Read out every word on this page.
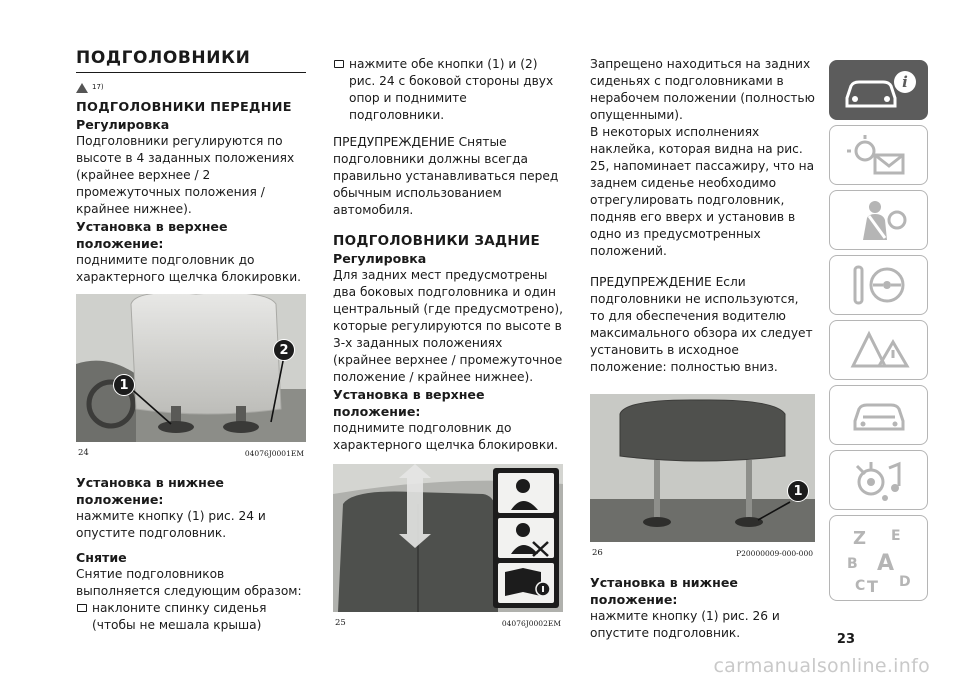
ПОДГОЛОВНИКИ
17)

ПОДГОЛОВНИКИ ПЕРЕДНИЕ

Регулировка

Подголовники регулируются по высоте в 4 заданных положениях (крайнее верхнее / 2 промежуточных положения / крайнее нижнее).

Установка в верхнее положение:

поднимите подголовник до характерного щелчка блокировки.

1
2
24	04076J0001EM

Установка в нижнее положение:

нажмите кнопку (1) рис. 24 и опустите подголовник.

Снятие

Снятие подголовников выполняется следующим образом:

наклоните спинку сиденья (чтобы не мешала крыша)

нажмите обе кнопки (1) и (2) рис. 24 с боковой стороны двух опор и поднимите подголовники.

ПРЕДУПРЕЖДЕНИЕ Снятые подголовники должны всегда правильно устанавливаться перед обычным использованием автомобиля.

ПОДГОЛОВНИКИ ЗАДНИЕ

Регулировка

Для задних мест предусмотрены два боковых подголовника и один центральный (где предусмотрено), которые регулируются по высоте в 3-х заданных положениях (крайнее верхнее / промежуточное положение / крайнее нижнее).

Установка в верхнее положение:

поднимите подголовник до характерного щелчка блокировки.

25	04076J0002EM

Запрещено находиться на задних сиденьях с подголовниками в нерабочем положении (полностью опущенными).

В некоторых исполнениях наклейка, которая видна на рис. 25, напоминает пассажиру, что на заднем сиденье необходимо отрегулировать подголовник, подняв его вверх и установив в одно из предусмотренных положений.

ПРЕДУПРЕЖДЕНИЕ Если подголовники не используются, то для обеспечения водителю максимального обзора их следует установить в исходное положение: полностью вниз.

1
26	P20000009-000-000

Установка в нижнее положение:

нажмите кнопку (1) рис. 26 и опустите подголовник.

i
Z E
B A
C T D
23
carmanualsonline.info
